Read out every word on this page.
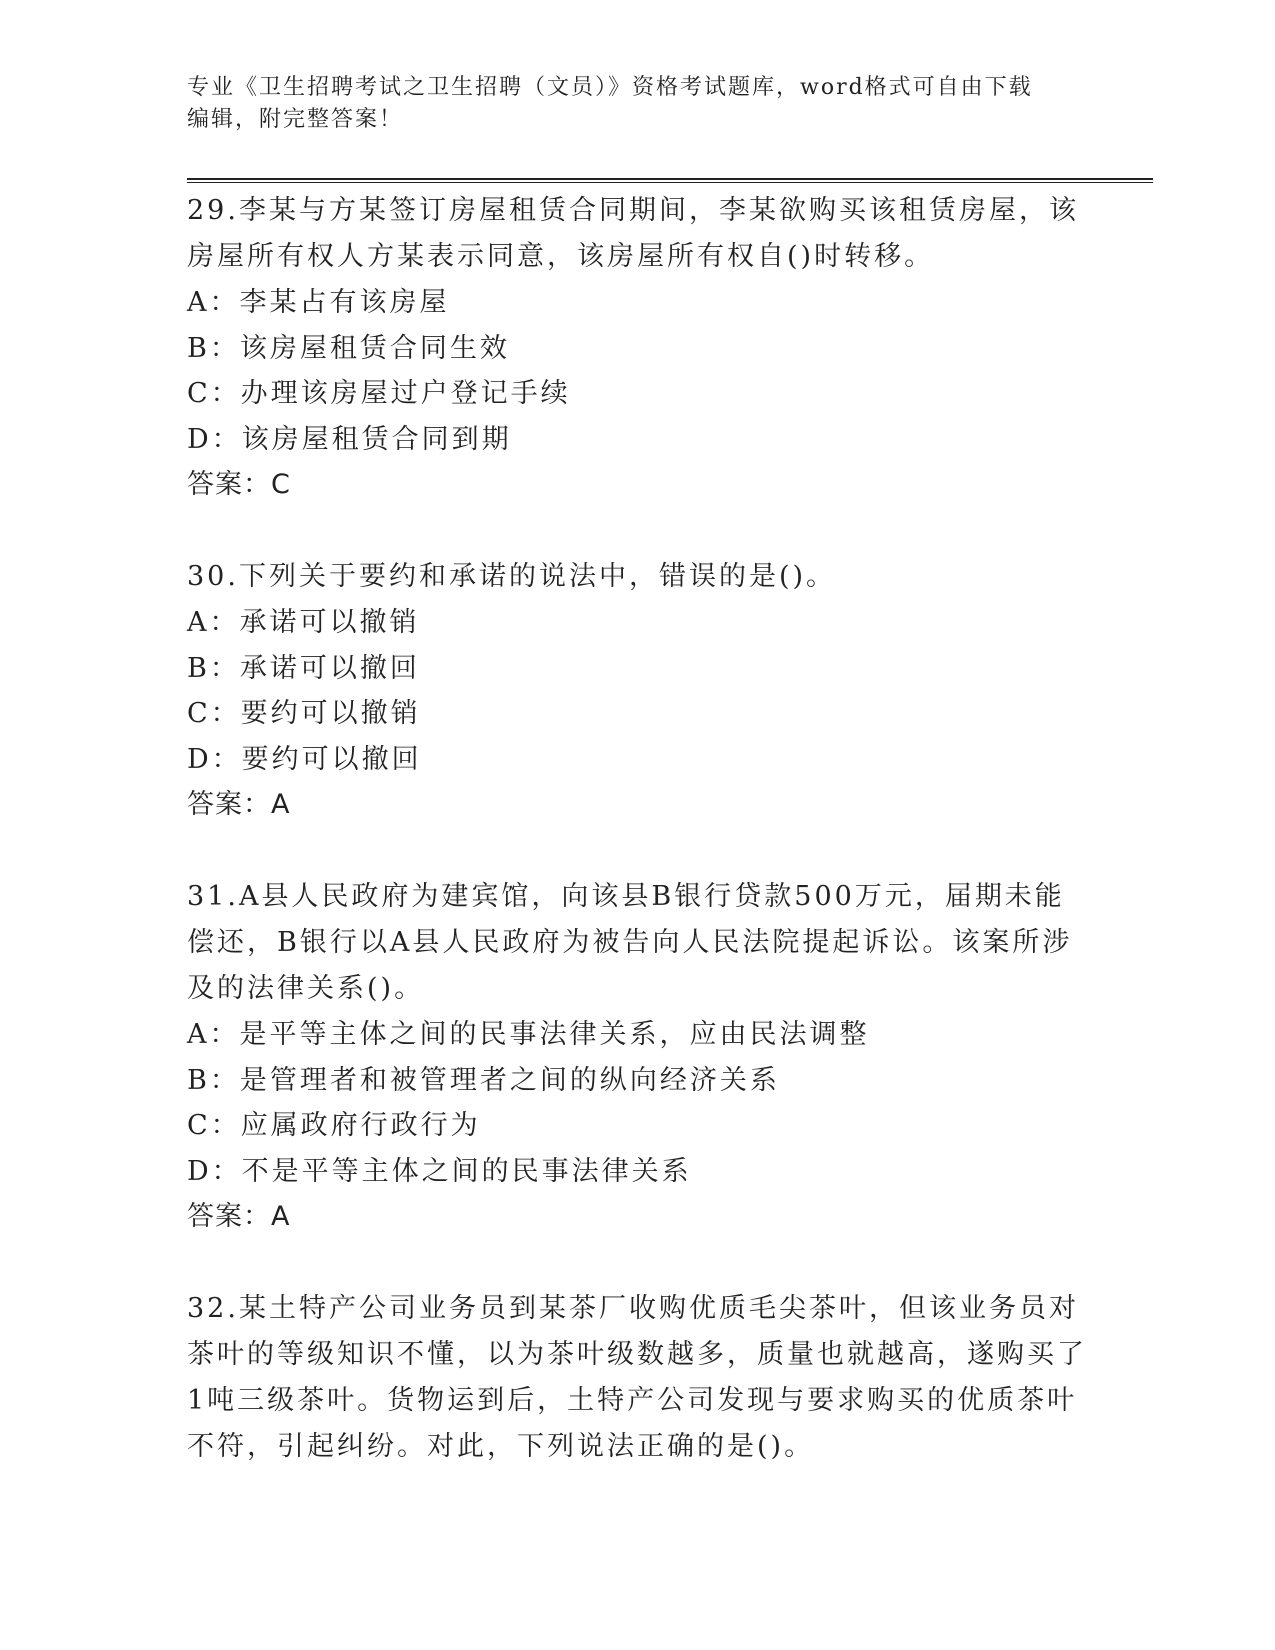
专业《卫生招聘考试之卫生招聘（文员）》资格考试题库，word格式可自由下载
编辑，附完整答案！

29.李某与方某签订房屋租赁合同期间，李某欲购买该租赁房屋，该房屋所有权人方某表示同意，该房屋所有权自()时转移。

A：李某占有该房屋

B：该房屋租赁合同生效

C：办理该房屋过户登记手续

D：该房屋租赁合同到期

答案：C

30.下列关于要约和承诺的说法中，错误的是()。

A：承诺可以撤销

B：承诺可以撤回

C：要约可以撤销

D：要约可以撤回

答案：A

31.A县人民政府为建宾馆，向该县B银行贷款500万元，届期未能偿还，B银行以A县人民政府为被告向人民法院提起诉讼。该案所涉及的法律关系()。

A：是平等主体之间的民事法律关系，应由民法调整

B：是管理者和被管理者之间的纵向经济关系

C：应属政府行政行为

D：不是平等主体之间的民事法律关系

答案：A

32.某土特产公司业务员到某茶厂收购优质毛尖茶叶，但该业务员对茶叶的等级知识不懂，以为茶叶级数越多，质量也就越高，遂购买了1吨三级茶叶。货物运到后，土特产公司发现与要求购买的优质茶叶不符，引起纠纷。对此，下列说法正确的是()。
